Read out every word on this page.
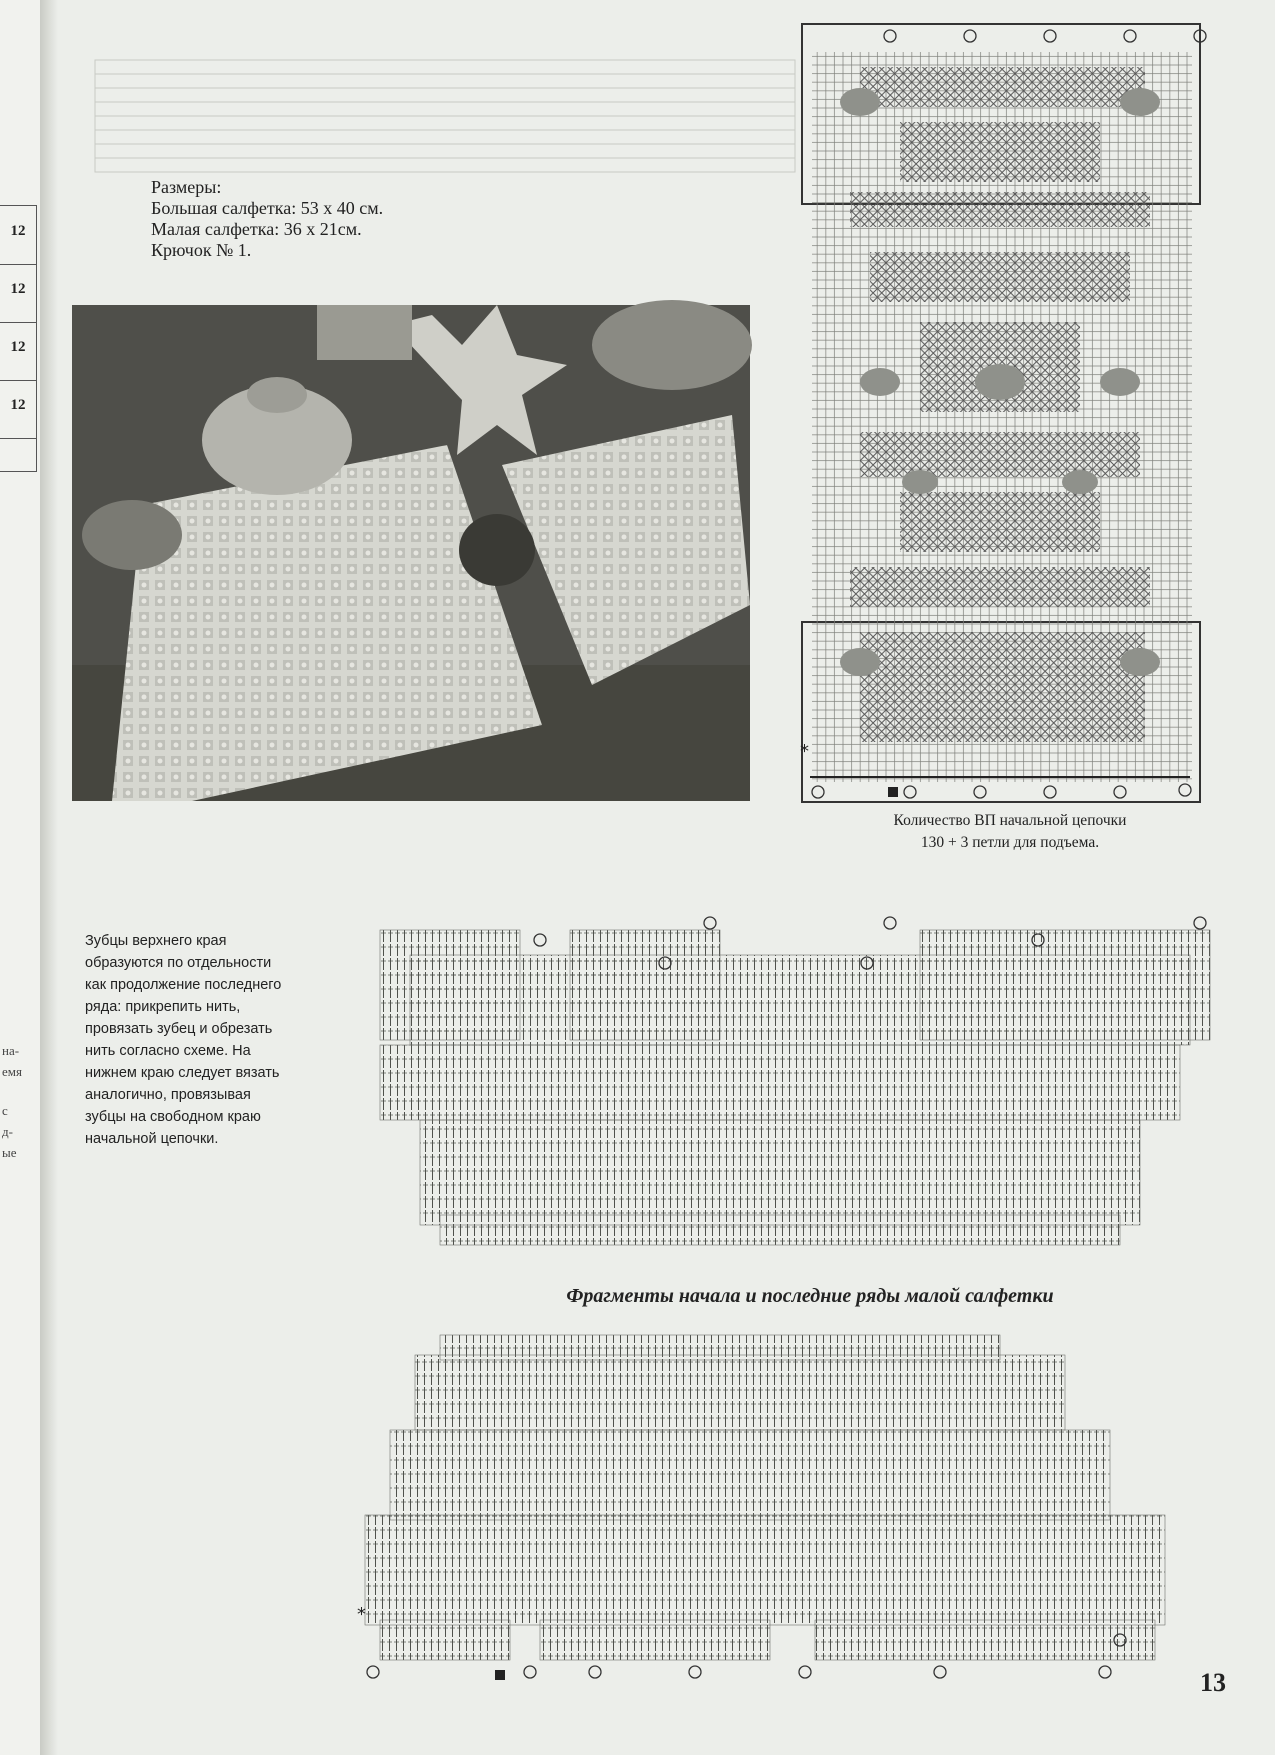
12
12
12
12
на-
емя
с
д-
ые
Размеры:
Большая салфетка: 53 х 40 см.
Малая салфетка: 36 х 21см.
Крючок № 1.
*
Количество ВП начальной цепочки
130 + 3 петли для подъема.
Зубцы верхнего края
образуются по отдельности
как продолжение последнего
ряда: прикрепить нить,
провязать зубец и обрезать
нить согласно схеме. На
нижнем краю следует вязать
аналогично, провязывая
зубцы на свободном краю
начальной цепочки.
Фрагменты начала и последние ряды малой салфетки
*
13
